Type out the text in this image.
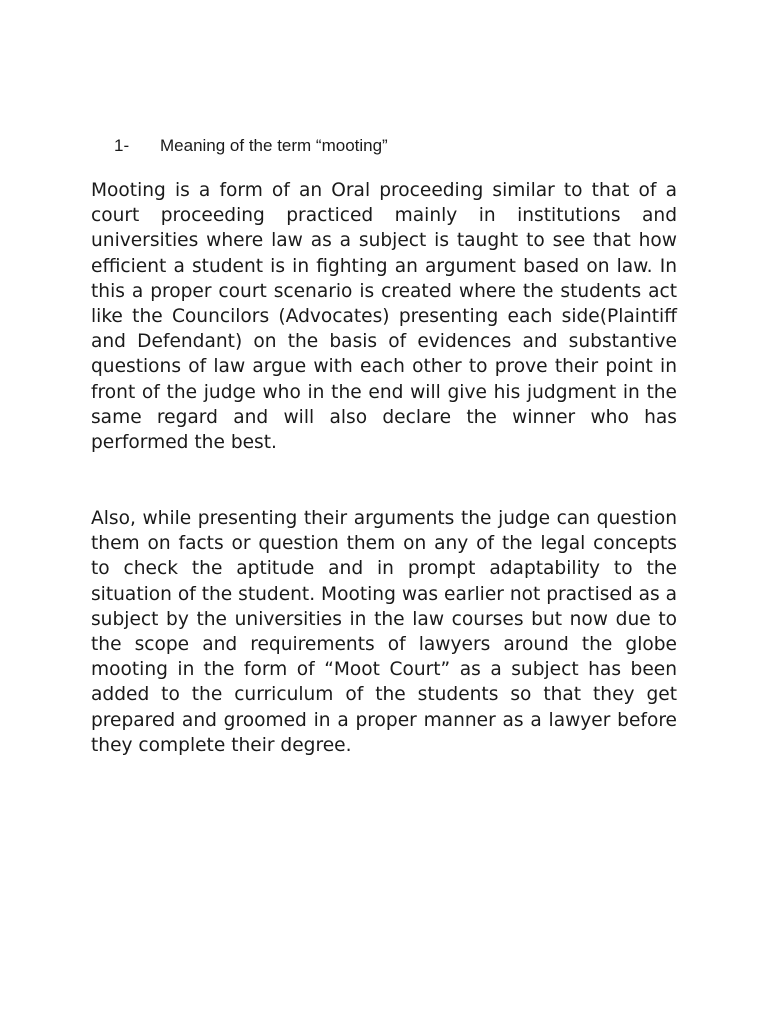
1- Meaning of the term “mooting”

Mooting is a form of an Oral proceeding similar to that of a court proceeding practiced mainly in institutions and universities where law as a subject is taught to see that how efficient a student is in fighting an argument based on law. In this a proper court scenario is created where the students act like the Councilors (Advocates) presenting each side(Plaintiff and Defendant) on the basis of evidences and substantive questions of law argue with each other to prove their point in front of the judge who in the end will give his judgment in the same regard and will also declare the winner who has performed the best.

Also, while presenting their arguments the judge can question them on facts or question them on any of the legal concepts to check the aptitude and in prompt adaptability to the situation of the student. Mooting was earlier not practised as a subject by the universities in the law courses but now due to the scope and requirements of lawyers around the globe mooting in the form of “Moot Court” as a subject has been added to the curriculum of the students so that they get prepared and groomed in a proper manner as a lawyer before they complete their degree.
